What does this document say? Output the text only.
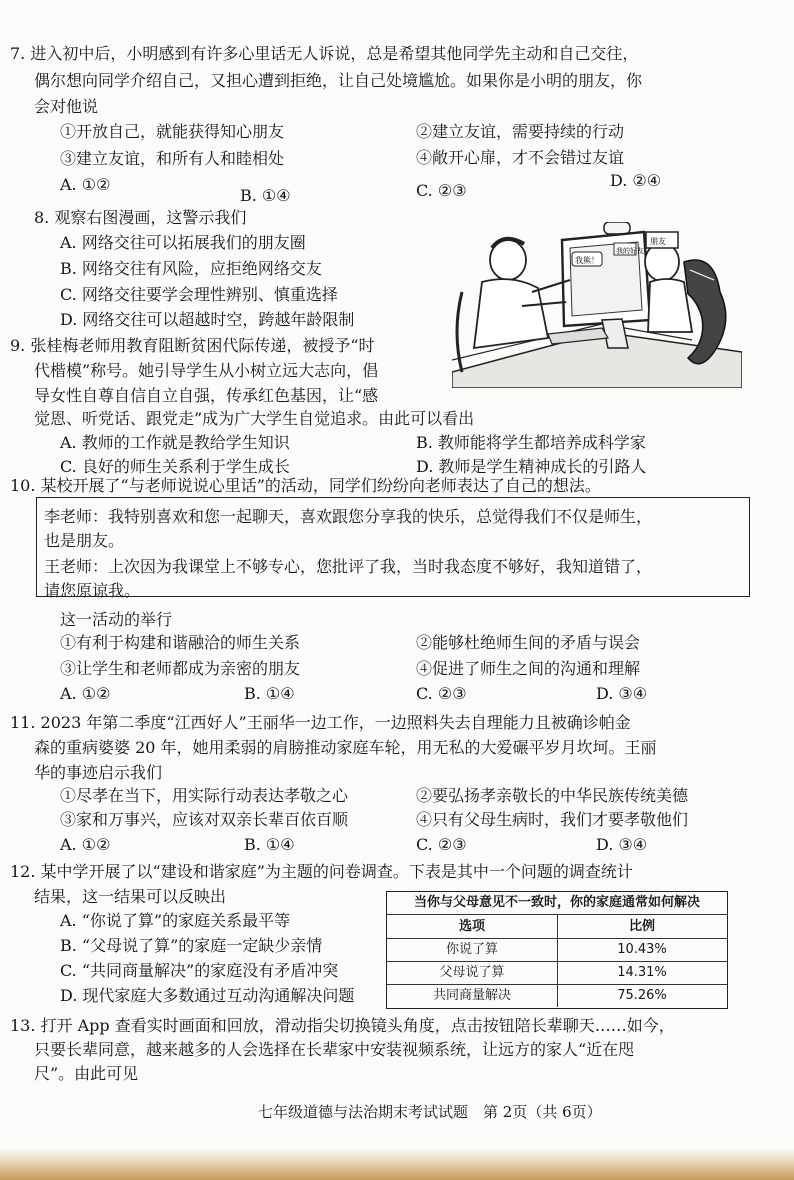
7. 进入初中后，小明感到有许多心里话无人诉说，总是希望其他同学先主动和自己交往，
偶尔想向同学介绍自己，又担心遭到拒绝，让自己处境尴尬。如果你是小明的朋友，你
会对他说
①开放自己，就能获得知心朋友	②建立友谊，需要持续的行动
③建立友谊，和所有人和睦相处	④敞开心扉，才不会错过友谊
A. ①②
B. ①④	C. ②③
D. ②④
8. 观察右图漫画，这警示我们
A. 网络交往可以拓展我们的朋友圈
B. 网络交往有风险，应拒绝网络交友
C. 网络交往要学会理性辨别、慎重选择
D. 网络交往可以超越时空，跨越年龄限制
我的好友
我熊！
朋友
9. 张桂梅老师用教育阻断贫困代际传递，被授予“时
代楷模”称号。她引导学生从小树立远大志向，倡
导女性自尊自信自立自强，传承红色基因，让“感
觉恩、听党话、跟党走”成为广大学生自觉追求。由此可以看出
A. 教师的工作就是教给学生知识	B. 教师能将学生都培养成科学家
C. 良好的师生关系利于学生成长	D. 教师是学生精神成长的引路人
10. 某校开展了“与老师说说心里话”的活动，同学们纷纷向老师表达了自己的想法。
李老师：我特别喜欢和您一起聊天，喜欢跟您分享我的快乐，总觉得我们不仅是师生，
也是朋友。
王老师：上次因为我课堂上不够专心，您批评了我，当时我态度不够好，我知道错了，
请您原谅我。
这一活动的举行
①有利于构建和谐融洽的师生关系	②能够杜绝师生间的矛盾与误会
③让学生和老师都成为亲密的朋友	④促进了师生之间的沟通和理解
A. ①②	B. ①④	C. ②③	D. ③④
11. 2023 年第二季度“江西好人”王丽华一边工作，一边照料失去自理能力且被确诊帕金
森的重病婆婆 20 年，她用柔弱的肩膀推动家庭车轮，用无私的大爱碾平岁月坎坷。王丽
华的事迹启示我们
①尽孝在当下，用实际行动表达孝敬之心	②要弘扬孝亲敬长的中华民族传统美德
③家和万事兴，应该对双亲长辈百依百顺	④只有父母生病时，我们才要孝敬他们
A. ①②	B. ①④	C. ②③	D. ③④
12. 某中学开展了以“建设和谐家庭”为主题的问卷调查。下表是其中一个问题的调查统计
结果，这一结果可以反映出
A. “你说了算”的家庭关系最平等
B. “父母说了算”的家庭一定缺少亲情
C. “共同商量解决”的家庭没有矛盾冲突
D. 现代家庭大多数通过互动沟通解决问题
当你与父母意见不一致时，你的家庭通常如何解决
选项	比例
你说了算	10.43%
父母说了算	14.31%
共同商量解决	75.26%
13. 打开 App 查看实时画面和回放，滑动指尖切换镜头角度，点击按钮陪长辈聊天……如今，
只要长辈同意，越来越多的人会选择在长辈家中安装视频系统，让远方的家人“近在咫
尺”。由此可见
七年级道德与法治期末考试试题　第 2页（共 6页）
